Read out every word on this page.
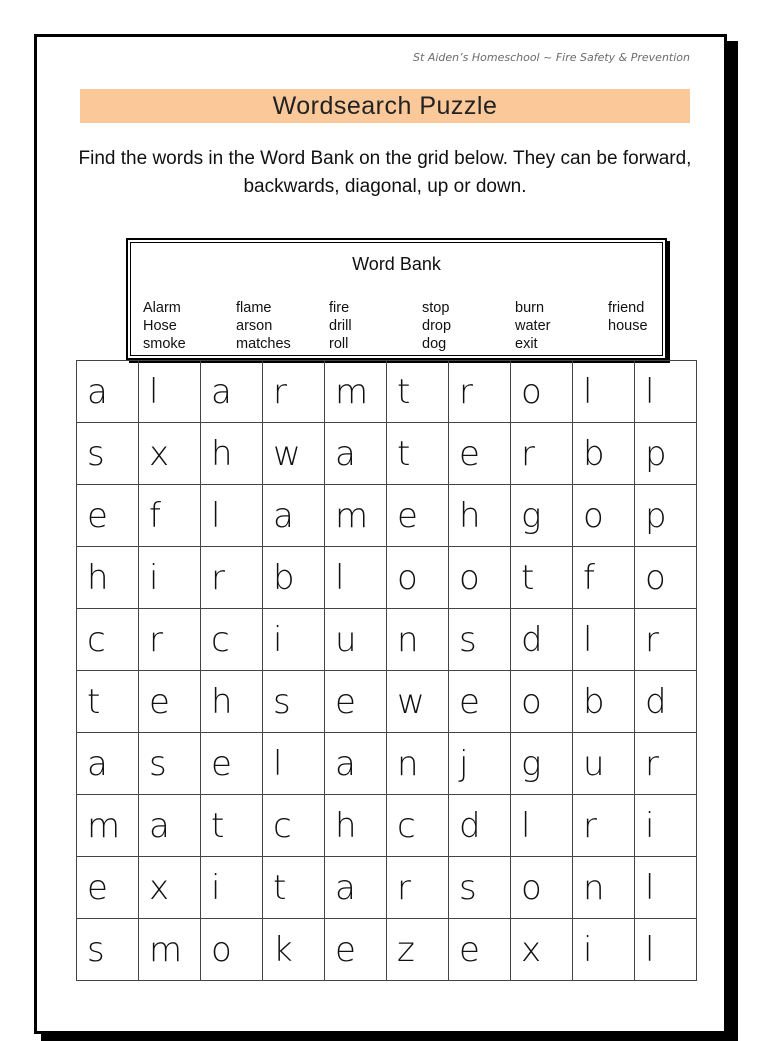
St Aiden’s Homeschool ~ Fire Safety & Prevention
Wordsearch Puzzle
Find the words in the Word Bank on the grid below. They can be forward, backwards, diagonal, up or down.
Word Bank
Alarm	flame	fire	stop	burn	friend
Hose	arson	drill	drop	water	house
smoke	matches	roll	dog	exit
a	l	a	r	m	t	r	o	l	l
s	x	h	w	a	t	e	r	b	p
e	f	l	a	m	e	h	g	o	p
h	i	r	b	l	o	o	t	f	o
c	r	c	i	u	n	s	d	l	r
t	e	h	s	e	w	e	o	b	d
a	s	e	l	a	n	j	g	u	r
m	a	t	c	h	c	d	l	r	i
e	x	i	t	a	r	s	o	n	l
s	m	o	k	e	z	e	x	i	l
